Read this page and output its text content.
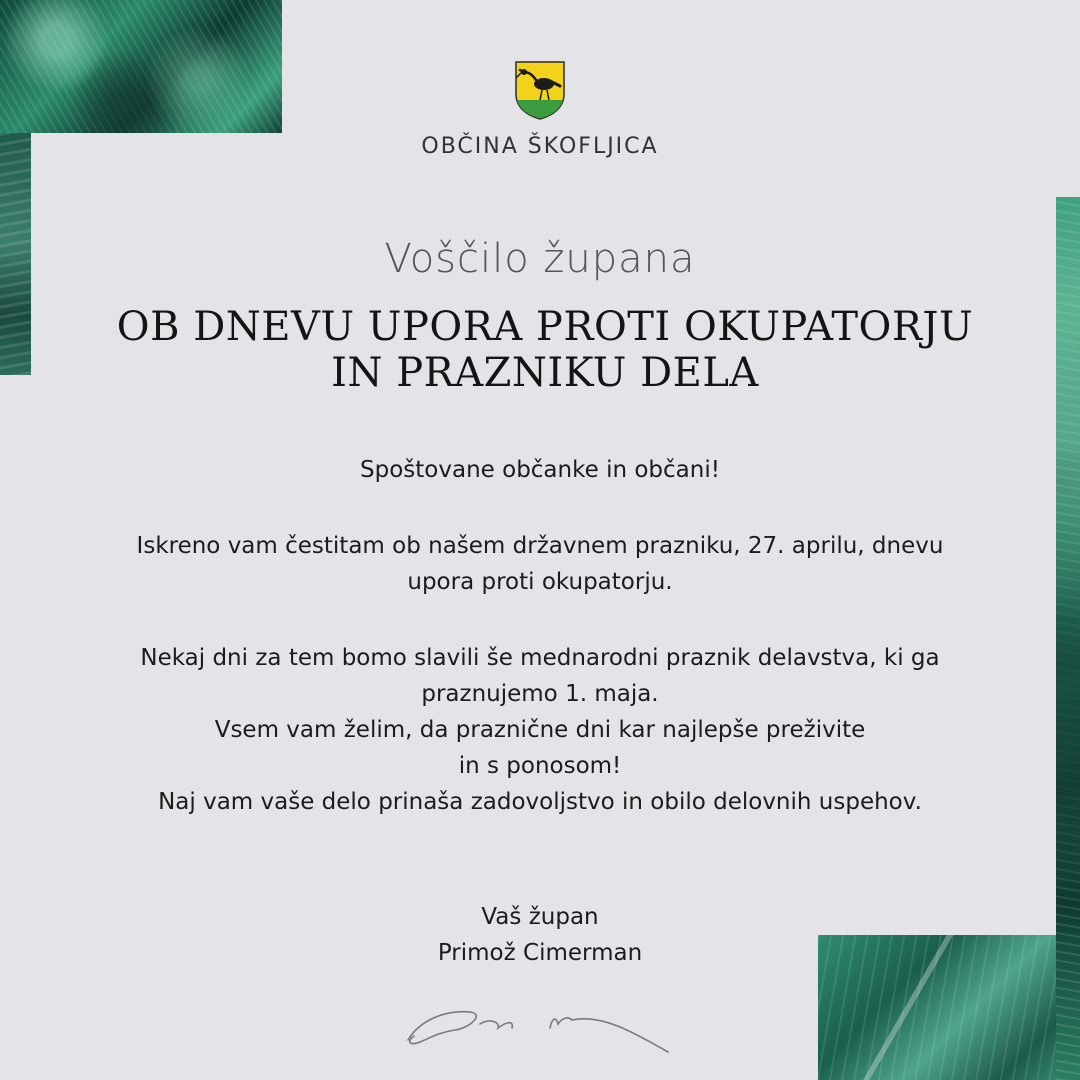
OBČINA ŠKOFLJICA
Voščilo župana
OB DNEVU UPORA PROTI OKUPATORJU IN PRAZNIKU DELA

Spoštovane občanke in občani!

Iskreno vam čestitam ob našem državnem prazniku, 27. aprilu, dnevu
upora proti okupatorju.

Nekaj dni za tem bomo slavili še mednarodni praznik delavstva, ki ga
praznujemo 1. maja.
Vsem vam želim, da praznične dni kar najlepše preživite
in s ponosom!
Naj vam vaše delo prinaša zadovoljstvo in obilo delovnih uspehov.

Vaš župan
Primož Cimerman
